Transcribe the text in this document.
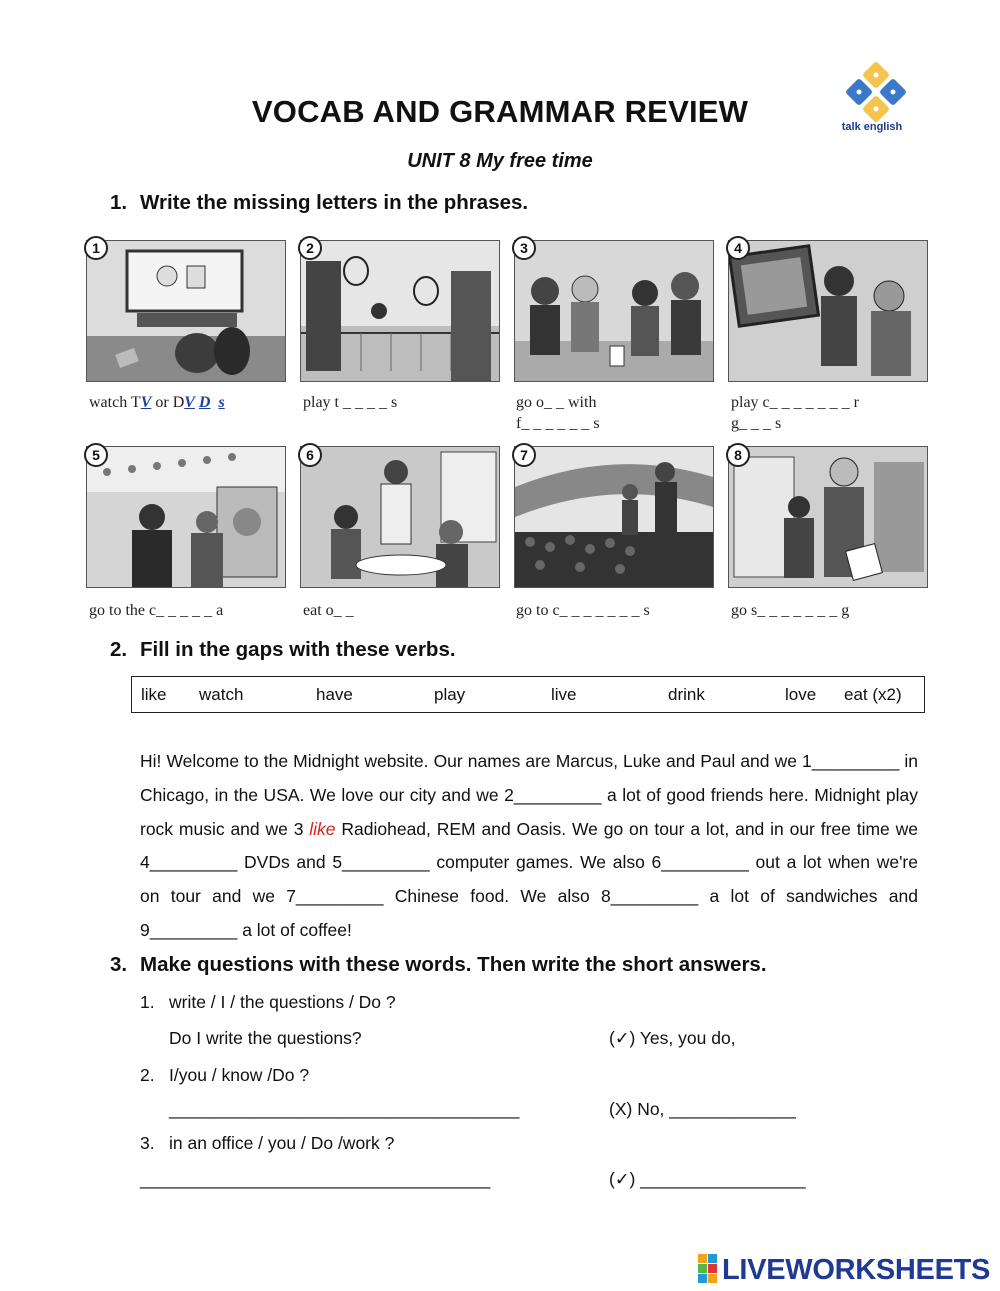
VOCAB AND GRAMMAR REVIEW
UNIT 8 My free time
talk english
1. Write the missing letters in the phrases.
1	2	3	4
watch TV or DV D s	play t _ _ _ _ s	go o_ _ with
f_ _ _ _ _ _ s
play c_ _ _ _ _ _ _ r
g_ _ _ s
5	6	7	8
go to the c_ _ _ _ _ a	eat o_ _	go to c_ _ _ _ _ _ _ s	go s_ _ _ _ _ _ _ g
2. Fill in the gaps with these verbs.
like watch	have	play	live	drink	love eat (x2)
Hi! Welcome to the Midnight website. Our names are Marcus, Luke and Paul and we 1_________ in Chicago, in the USA. We love our city and we 2_________ a lot of good friends here. Midnight play rock music and we 3 like Radiohead, REM and Oasis. We go on tour a lot, and in our free time we 4_________ DVDs and 5_________ computer games. We also 6_________ out a lot when we're on tour and we 7_________ Chinese food. We also 8_________ a lot of sandwiches and 9_________ a lot of coffee!
3. Make questions with these words. Then write the short answers.
1. write / I / the questions / Do ?
Do I write the questions?	(✓) Yes, you do,
2. I/you / know /Do ?
____________________________________	(X) No, _____________
3. in an office / you / Do /work ?
____________________________________	(✓) _________________
LIVEWORKSHEETS
